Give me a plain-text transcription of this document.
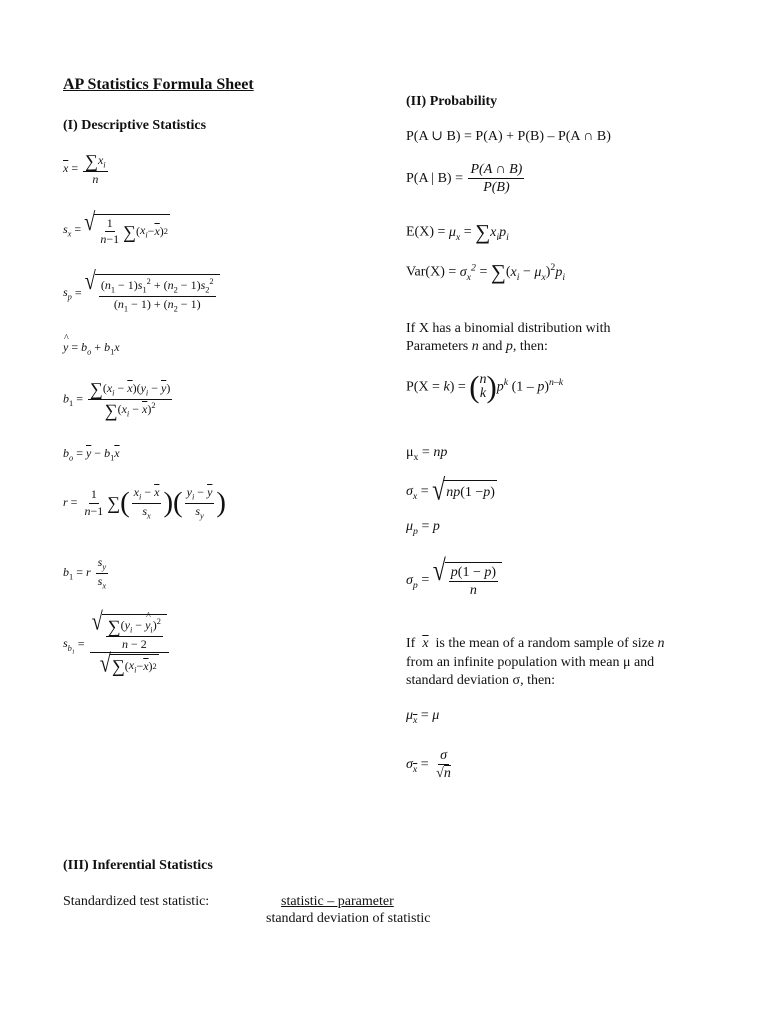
AP Statistics Formula Sheet
(I) Descriptive Statistics
$\overline{x} = \frac{\sum x_i}{n}$
$s_x$ = √ $\frac{1}{n-1}$ ∑ ( $x_i - \overline{x}$ ) 2
$s_p$ = √ $\frac{(n_1 - 1)s_1^2 + (n_2 - 1)s_2^2}{(n_1 - 1) + (n_2 - 1)}$
^ $y = b_o + b_1x$
$b_1 = \frac{\sum(x_i - \overline{x})(y_i - \overline{y})}{\sum(x_i - \overline{x})^2}$
$b_o = \overline{y} - b_1\overline{x}$
$r = \frac{1}{n-1}$ ∑( $\frac{x_i - \overline{x}}{s_x}$ )( $\frac{y_i - \overline{y}}{s_y}$ )
$b_1 = r \frac{s_y}{s_x}$
$s_{b_1} = \frac{√ \frac{\sum(y_i - \^{} y_i)^2}{n - 2}}{√ \sum ( x_i - \overline{x} ) 2}$
(II) Probability
P(A ∪ B) = P(A) + P(B) – P(A ∩ B)
P(A | $B) = \frac{P(A \cap B)}{P(B)}$
$E(X) = \mu_x = \sum x_ip_i$
$Var(X) = \sigma_x^2 = \sum(x_i - \mu_x)^2p_i$
If X has a binomial distribution with
Parameters n and p, then:
P(X = k) = ( n
k )$p^k$ (1 – p)$^{n-k}$
$\mu_x$ = np
$\sigma_x$ = √ np (1 − p )
$\mu_p = p$
$\sigma_p$ = √ $\frac{p(1 - p)}{n}$
If $\overline{x}$  is the mean of a random sample of size n
from an infinite population with mean μ and
standard deviation σ, then:
$\mu_{\overline{x}} = \mu$
$\sigma_{\overline{x}} = \frac{\sigma}{√n}$
(III) Inferential Statistics
Standardized test statistic:	statistic – parameter
standard deviation of statistic
